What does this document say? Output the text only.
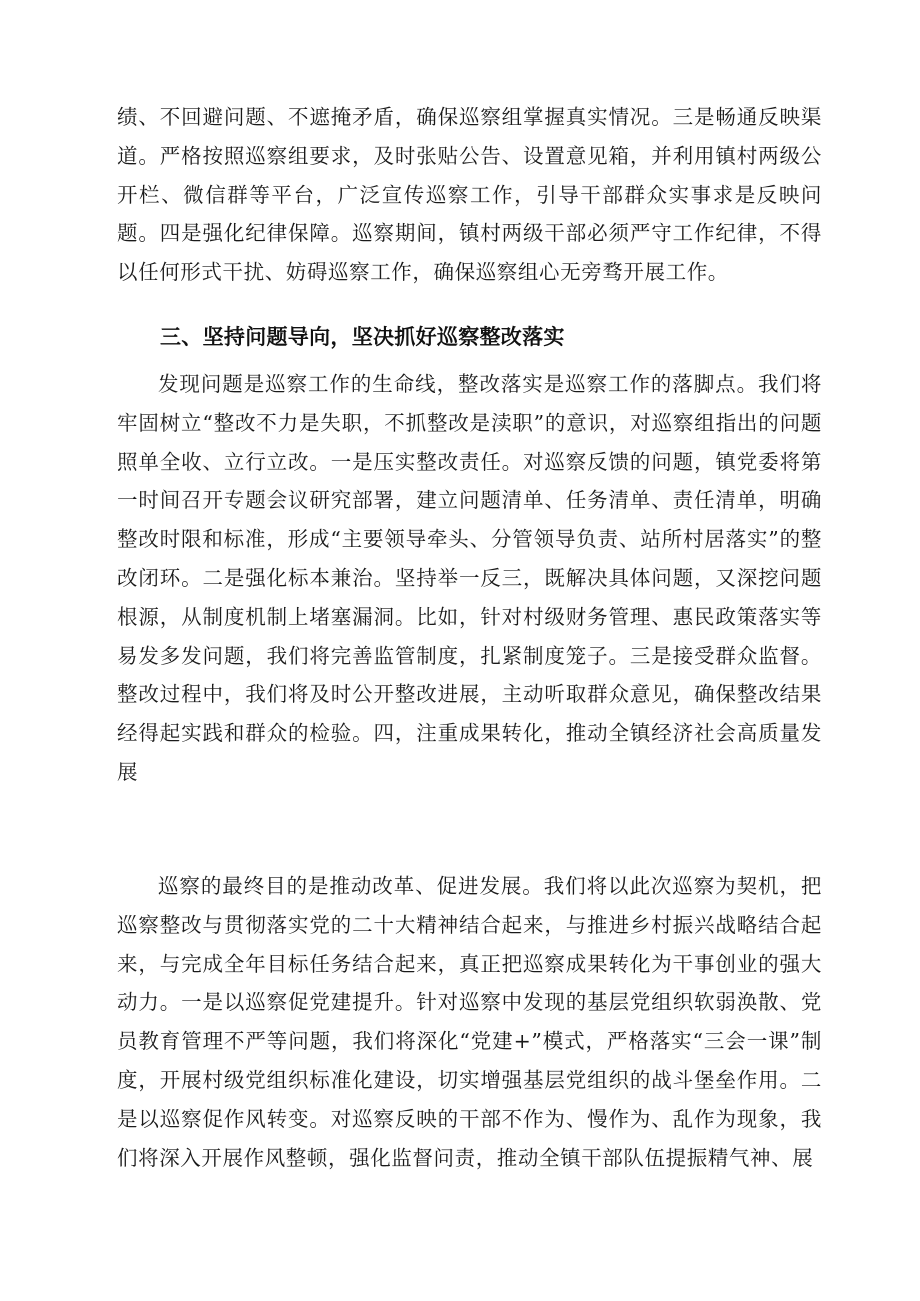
绩、不回避问题、不遮掩矛盾，确保巡察组掌握真实情况。三是畅通反映渠道。严格按照巡察组要求，及时张贴公告、设置意见箱，并利用镇村两级公开栏、微信群等平台，广泛宣传巡察工作，引导干部群众实事求是反映问题。四是强化纪律保障。巡察期间，镇村两级干部必须严守工作纪律，不得以任何形式干扰、妨碍巡察工作，确保巡察组心无旁骛开展工作。

三、坚持问题导向，坚决抓好巡察整改落实

发现问题是巡察工作的生命线，整改落实是巡察工作的落脚点。我们将牢固树立“整改不力是失职，不抓整改是渎职”的意识，对巡察组指出的问题照单全收、立行立改。一是压实整改责任。对巡察反馈的问题，镇党委将第一时间召开专题会议研究部署，建立问题清单、任务清单、责任清单，明确整改时限和标准，形成“主要领导牵头、分管领导负责、站所村居落实”的整改闭环。二是强化标本兼治。坚持举一反三，既解决具体问题，又深挖问题根源，从制度机制上堵塞漏洞。比如，针对村级财务管理、惠民政策落实等易发多发问题，我们将完善监管制度，扎紧制度笼子。三是接受群众监督。整改过程中，我们将及时公开整改进展，主动听取群众意见，确保整改结果经得起实践和群众的检验。四，注重成果转化，推动全镇经济社会高质量发展

巡察的最终目的是推动改革、促进发展。我们将以此次巡察为契机，把巡察整改与贯彻落实党的二十大精神结合起来，与推进乡村振兴战略结合起来，与完成全年目标任务结合起来，真正把巡察成果转化为干事创业的强大动力。一是以巡察促党建提升。针对巡察中发现的基层党组织软弱涣散、党员教育管理不严等问题，我们将深化“党建+”模式，严格落实“三会一课”制度，开展村级党组织标准化建设，切实增强基层党组织的战斗堡垒作用。二是以巡察促作风转变。对巡察反映的干部不作为、慢作为、乱作为现象，我们将深入开展作风整顿，强化监督问责，推动全镇干部队伍提振精气神、展
